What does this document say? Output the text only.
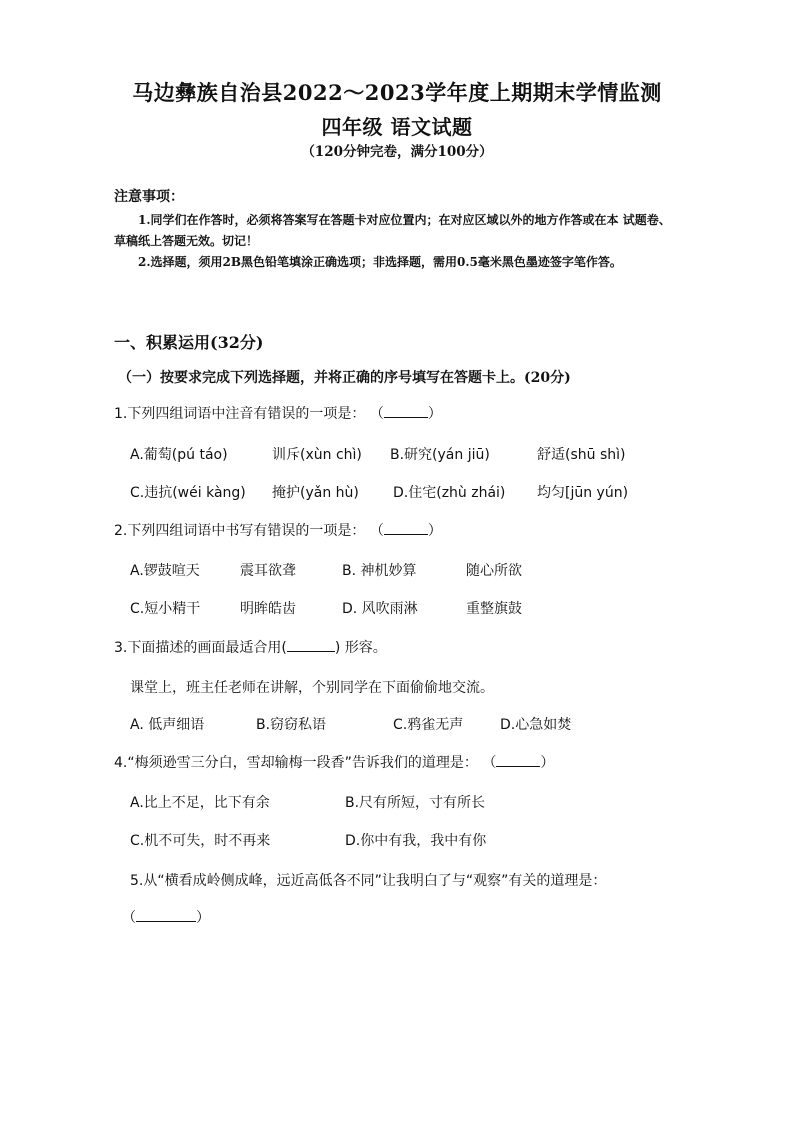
马边彝族自治县2022～2023学年度上期期末学情监测
四年级 语文试题
（120分钟完卷，满分100分）
注意事项：
1.同学们在作答时，必须将答案写在答题卡对应位置内；在对应区域以外的地方作答或在本 试题卷、草稿纸上答题无效。切记！
2.选择题，须用2B黑色铅笔填涂正确选项；非选择题，需用0.5毫米黑色墨迹签字笔作答。
一、积累运用(32分)
（一）按要求完成下列选择题，并将正确的序号填写在答题卡上。(20分)
1.下列四组词语中注音有错误的一项是： （	）
A.葡萄(pú táo)	训斥(xùn chì) B.研究(yán jiū)	舒适(shū shì)
C.违抗(wéi kàng) 掩护(yǎn hù) D.住宅(zhù zhái) 均匀[jūn yún)
2.下列四组词语中书写有错误的一项是： （	）
A.锣鼓喧天	震耳欲聋	B. 神机妙算	随心所欲
C.短小精干	明眸皓齿	D. 风吹雨淋	重整旗鼓
3.下面描述的画面最适合用(	) 形容。
课堂上，班主任老师在讲解，个别同学在下面偷偷地交流。
A. 低声细语	B.窃窃私语	C.鸦雀无声	D.心急如焚
4.“梅须逊雪三分白，雪却输梅一段香”告诉我们的道理是： （	）
A.比上不足，比下有余	B.尺有所短，寸有所长
C.机不可失，时不再来	D.你中有我，我中有你
5.从“横看成岭侧成峰，远近高低各不同”让我明白了与“观察”有关的道理是：
（	）
